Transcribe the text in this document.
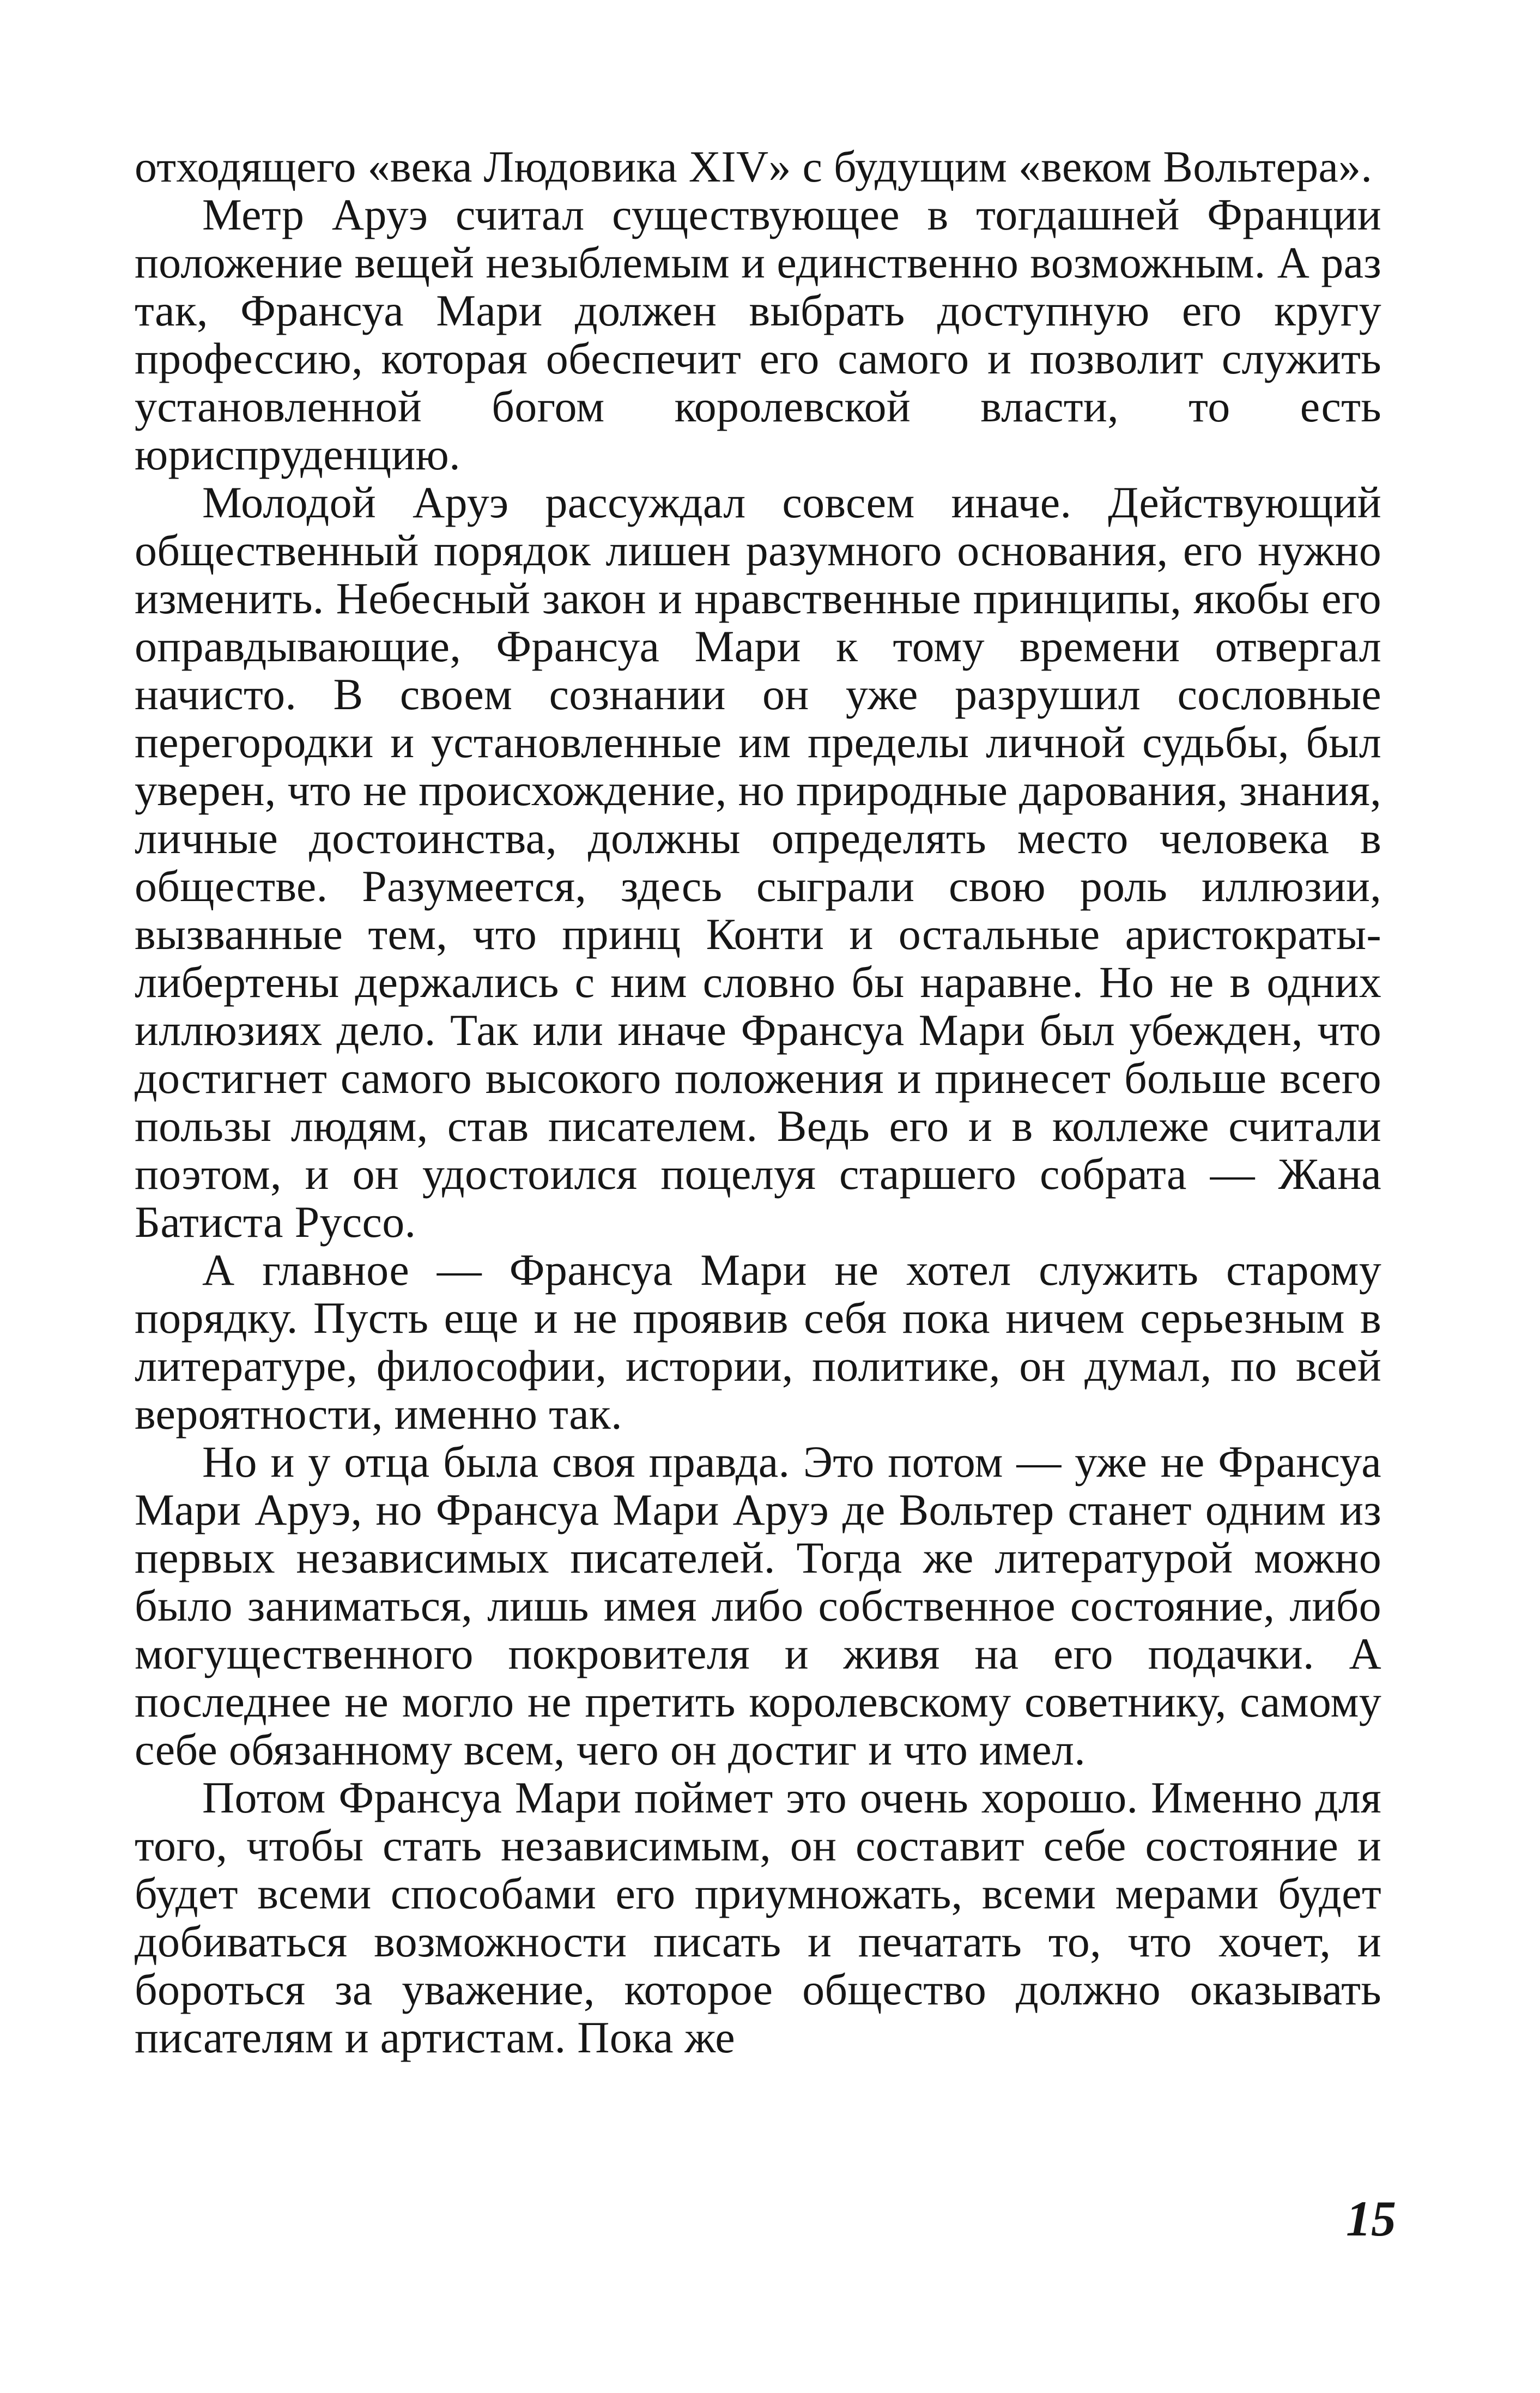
отходящего «века Людовика XIV» с будущим «веком Вольтера».

Метр Аруэ считал существующее в тогдашней Франции положение вещей незыблемым и единственно возможным. А раз так, Франсуа Мари должен выбрать доступную его кругу профессию, которая обеспечит его самого и позволит служить установленной богом королевской власти, то есть юриспруденцию.

Молодой Аруэ рассуждал совсем иначе. Действующий общественный порядок лишен разумного основания, его нужно изменить. Небесный закон и нравственные принципы, якобы его оправдывающие, Франсуа Мари к тому времени отвергал начисто. В своем сознании он уже разрушил сословные перегородки и установленные им пределы личной судьбы, был уверен, что не происхождение, но природные дарования, знания, личные достоинства, должны определять место человека в обществе. Разумеется, здесь сыграли свою роль иллюзии, вызванные тем, что принц Конти и остальные аристократы-либертены держались с ним словно бы наравне. Но не в одних иллюзиях дело. Так или иначе Франсуа Мари был убежден, что достигнет самого высокого положения и принесет больше всего пользы людям, став писателем. Ведь его и в коллеже считали поэтом, и он удостоился поцелуя старшего собрата — Жана Батиста Руссо.

А главное — Франсуа Мари не хотел служить старому порядку. Пусть еще и не проявив себя пока ничем серьезным в литературе, философии, истории, политике, он думал, по всей вероятности, именно так.

Но и у отца была своя правда. Это потом — уже не Франсуа Мари Аруэ, но Франсуа Мари Аруэ де Вольтер станет одним из первых независимых писателей. Тогда же литературой можно было заниматься, лишь имея либо собственное состояние, либо могущественного покровителя и живя на его подачки. А последнее не могло не претить королевскому советнику, самому себе обязанному всем, чего он достиг и что имел.

Потом Франсуа Мари поймет это очень хорошо. Именно для того, чтобы стать независимым, он составит себе состояние и будет всеми способами его приумножать, всеми мерами будет добиваться возможности писать и печатать то, что хочет, и бороться за уважение, которое общество должно оказывать писателям и артистам. Пока же

15
